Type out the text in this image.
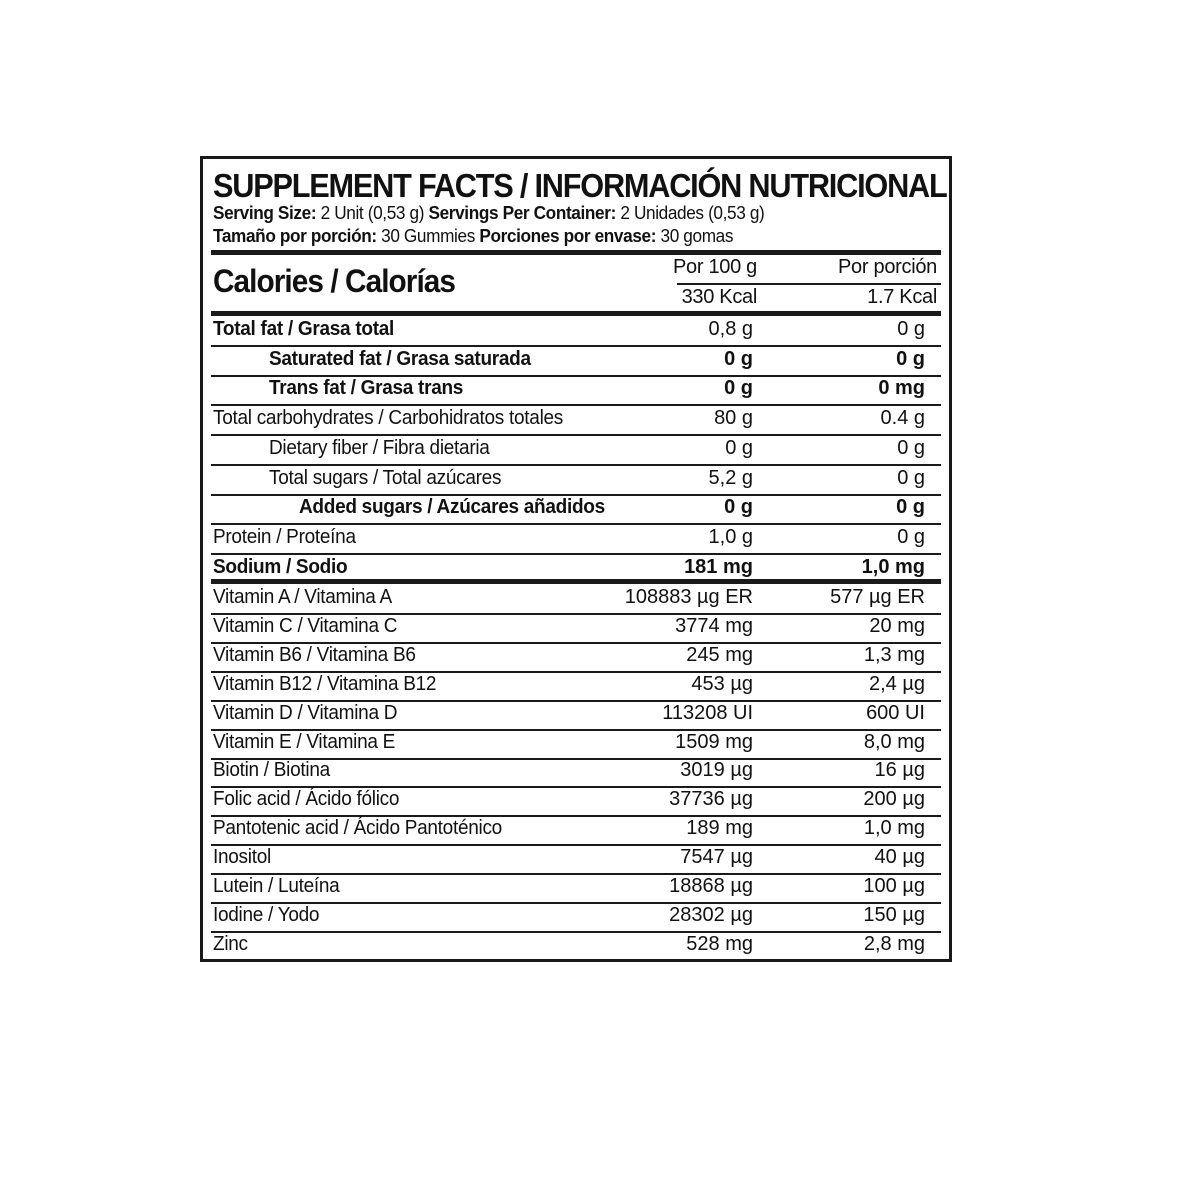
SUPPLEMENT FACTS / INFORMACIÓN NUTRICIONAL
Serving Size: 2 Unit (0,53 g) Servings Per Container: 2 Unidades (0,53 g)
Tamaño por porción: 30 Gummies Porciones por envase: 30 gomas
Calories / Calorías	Por 100 g	Por porción
330 Kcal	1.7 Kcal
Total fat / Grasa total	0,8 g	0 g
Saturated fat / Grasa saturada	0 g	0 g
Trans fat / Grasa trans	0 g	0 mg
Total carbohydrates / Carbohidratos totales	80 g	0.4 g
Dietary fiber / Fibra dietaria	0 g	0 g
Total sugars / Total azúcares	5,2 g	0 g
Added sugars / Azúcares añadidos	0 g	0 g
Protein / Proteína	1,0 g	0 g
Sodium / Sodio	181 mg	1,0 mg
Vitamin A / Vitamina A	108883 µg ER	577 µg ER
Vitamin C / Vitamina C	3774 mg	20 mg
Vitamin B6 / Vitamina B6	245 mg	1,3 mg
Vitamin B12 / Vitamina B12	453 µg	2,4 µg
Vitamin D / Vitamina D	113208 UI	600 UI
Vitamin E / Vitamina E	1509 mg	8,0 mg
Biotin / Biotina	3019 µg	16 µg
Folic acid / Ácido fólico	37736 µg	200 µg
Pantotenic acid / Ácido Pantoténico	189 mg	1,0 mg
Inositol	7547 µg	40 µg
Lutein / Luteína	18868 µg	100 µg
Iodine / Yodo	28302 µg	150 µg
Zinc	528 mg	2,8 mg
